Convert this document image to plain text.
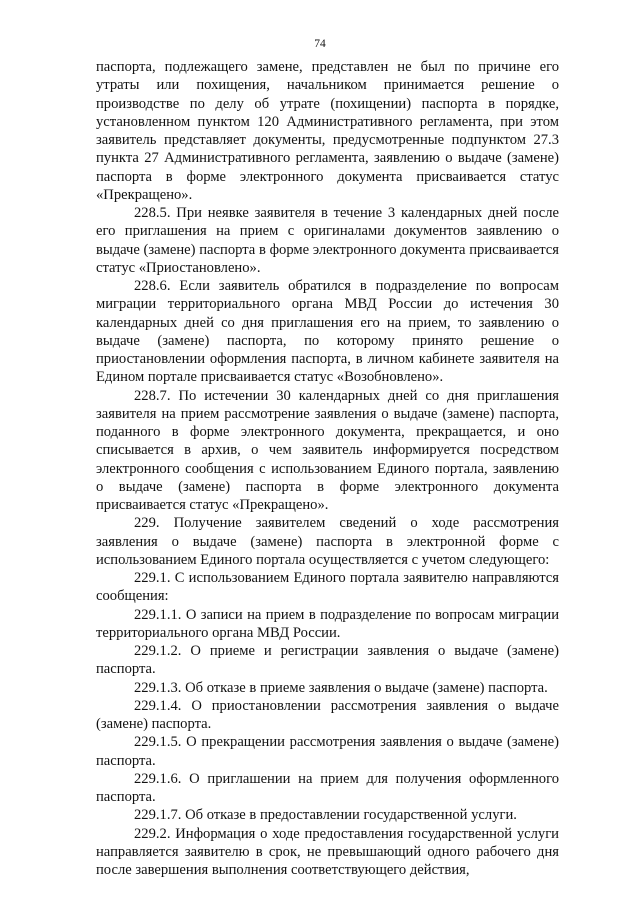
74

паспорта, подлежащего замене, представлен не был по причине его утраты или похищения, начальником принимается решение о производстве по делу об утрате (похищении) паспорта в порядке, установленном пунктом 120 Административного регламента, при этом заявитель представляет документы, предусмотренные подпунктом 27.3 пункта 27 Административного регламента, заявлению о выдаче (замене) паспорта в форме электронного документа присваивается статус «Прекращено».

228.5. При неявке заявителя в течение 3 календарных дней после его приглашения на прием с оригиналами документов заявлению о выдаче (замене) паспорта в форме электронного документа присваивается статус «Приостановлено».

228.6. Если заявитель обратился в подразделение по вопросам миграции территориального органа МВД России до истечения 30 календарных дней со дня приглашения его на прием, то заявлению о выдаче (замене) паспорта, по которому принято решение о приостановлении оформления паспорта, в личном кабинете заявителя на Едином портале присваивается статус «Возобновлено».

228.7. По истечении 30 календарных дней со дня приглашения заявителя на прием рассмотрение заявления о выдаче (замене) паспорта, поданного в форме электронного документа, прекращается, и оно списывается в архив, о чем заявитель информируется посредством электронного сообщения с использованием Единого портала, заявлению о выдаче (замене) паспорта в форме электронного документа присваивается статус «Прекращено».

229. Получение заявителем сведений о ходе рассмотрения заявления о выдаче (замене) паспорта в электронной форме с использованием Единого портала осуществляется с учетом следующего:

229.1. С использованием Единого портала заявителю направляются сообщения:

229.1.1. О записи на прием в подразделение по вопросам миграции территориального органа МВД России.

229.1.2. О приеме и регистрации заявления о выдаче (замене) паспорта.

229.1.3. Об отказе в приеме заявления о выдаче (замене) паспорта.

229.1.4. О приостановлении рассмотрения заявления о выдаче (замене) паспорта.

229.1.5. О прекращении рассмотрения заявления о выдаче (замене) паспорта.

229.1.6. О приглашении на прием для получения оформленного паспорта.

229.1.7. Об отказе в предоставлении государственной услуги.

229.2. Информация о ходе предоставления государственной услуги направляется заявителю в срок, не превышающий одного рабочего дня после завершения выполнения соответствующего действия,
